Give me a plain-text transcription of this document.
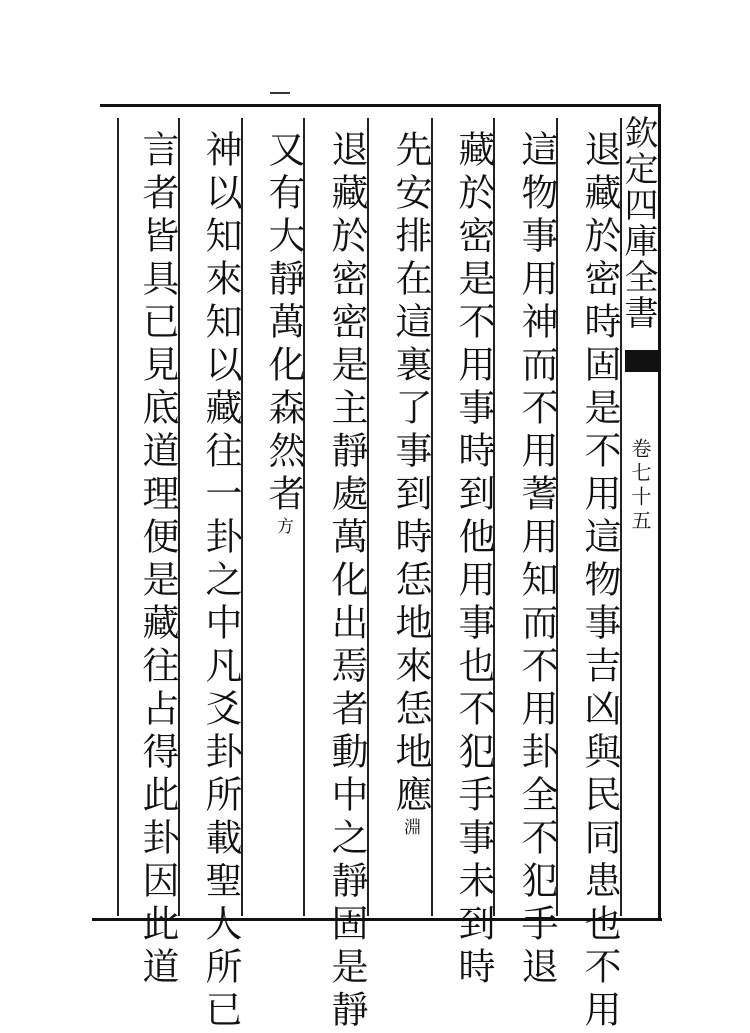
欽定四庫全書
卷七十五
退藏於密時固是不用這物事吉凶與民同患也不用
這物事用神而不用蓍用知而不用卦全不犯手退
藏於密是不用事時到他用事也不犯手事未到時
先安排在這裏了事到時恁地來恁地應淵
退藏於密密是主靜處萬化出焉者動中之靜固是靜
又有大靜萬化森然者方
神以知來知以藏往一卦之中凡爻卦所載聖人所已
言者皆具已見底道理便是藏往占得此卦因此道
